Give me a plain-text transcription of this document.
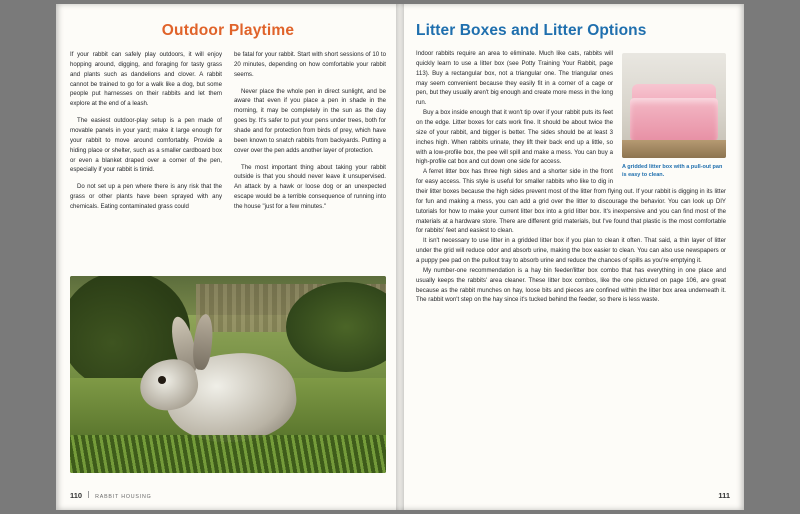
Outdoor Playtime

If your rabbit can safely play outdoors, it will enjoy hopping around, digging, and foraging for tasty grass and plants such as dandelions and clover. A rabbit cannot be trained to go for a walk like a dog, but some people put harnesses on their rabbits and let them explore at the end of a leash.

The easiest outdoor-play setup is a pen made of movable panels in your yard; make it large enough for your rabbit to move around comfortably. Provide a hiding place or shelter, such as a smaller cardboard box or even a blanket draped over a corner of the pen, especially if your rabbit is timid.

Do not set up a pen where there is any risk that the grass or other plants have been sprayed with any chemicals. Eating contaminated grass could

be fatal for your rabbit. Start with short sessions of 10 to 20 minutes, depending on how comfortable your rabbit seems.

Never place the whole pen in direct sunlight, and be aware that even if you place a pen in shade in the morning, it may be completely in the sun as the day goes by. It's safer to put your pens under trees, both for shade and for protection from birds of prey, which have been known to snatch rabbits from backyards. Putting a cover over the pen adds another layer of protection.

The most important thing about taking your rabbit outside is that you should never leave it unsupervised. An attack by a hawk or loose dog or an unexpected escape would be a terrible consequence of running into the house "just for a few minutes."

110 RABBIT HOUSING
Litter Boxes and Litter Options
A gridded litter box with a pull-out pan is easy to clean.

Indoor rabbits require an area to eliminate. Much like cats, rabbits will quickly learn to use a litter box (see Potty Training Your Rabbit, page 113). Buy a rectangular box, not a triangular one. The triangular ones may seem convenient because they easily fit in a corner of a cage or pen, but they usually aren't big enough and create more mess in the long run.

Buy a box inside enough that it won't tip over if your rabbit puts its feet on the edge. Litter boxes for cats work fine. It should be about twice the size of your rabbit, and bigger is better. The sides should be at least 3 inches high. When rabbits urinate, they lift their back end up a little, so with a low-profile box, the pee will spill and make a mess. You can buy a high-profile cat box and cut down one side for access.

A ferret litter box has three high sides and a shorter side in the front for easy access. This style is useful for smaller rabbits who like to dig in their litter boxes because the high sides prevent most of the litter from flying out. If your rabbit is digging in its litter for fun and making a mess, you can add a grid over the litter to discourage the behavior. You can look up DIY tutorials for how to make your current litter box into a grid litter box. It's inexpensive and you can find most of the materials at a hardware store. There are different grid materials, but I've found that plastic is the most comfortable for rabbits' feet and easiest to clean.

It isn't necessary to use litter in a gridded litter box if you plan to clean it often. That said, a thin layer of litter under the grid will reduce odor and absorb urine, making the box easier to clean. You can also use newspapers or a puppy pee pad on the pullout tray to absorb urine and reduce the chances of spills as you're emptying it.

My number-one recommendation is a hay bin feeder/litter box combo that has everything in one place and usually keeps the rabbits' area cleaner. These litter box combos, like the one pictured on page 106, are great because as the rabbit munches on hay, loose bits and pieces are confined within the litter box area underneath it. The rabbit won't step on the hay since it's tucked behind the feeder, so there is less waste.

111
